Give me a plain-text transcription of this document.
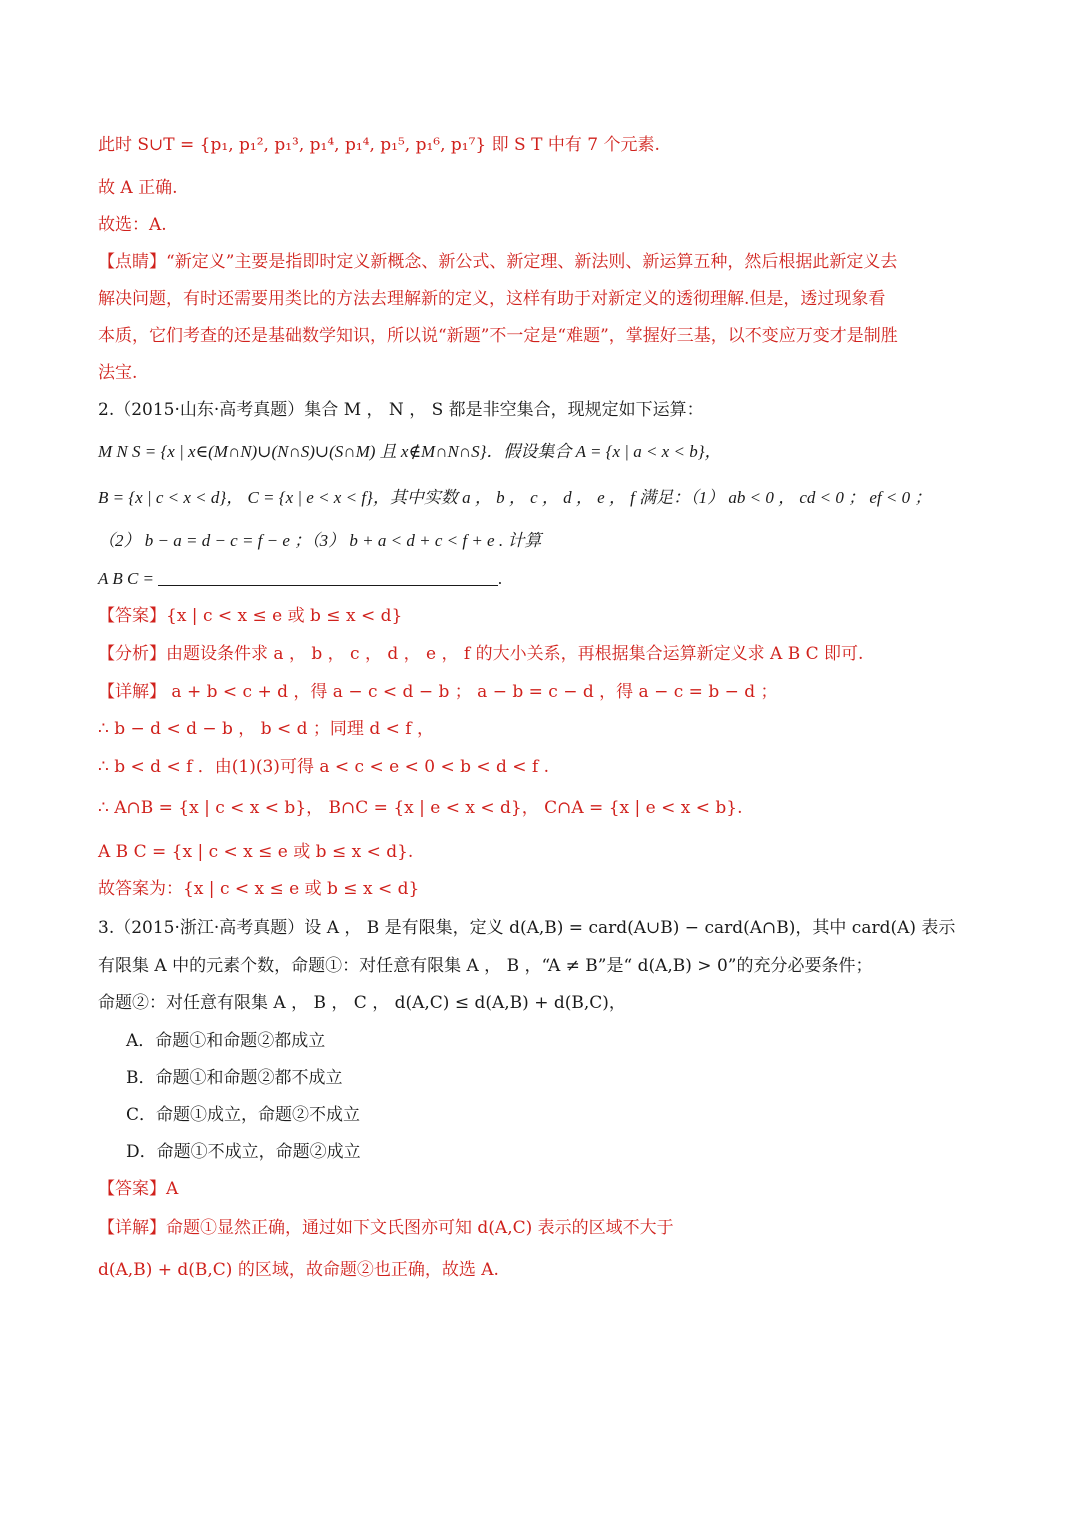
此时 S∪T = {p₁, p₁², p₁³, p₁⁴, p₁⁴, p₁⁵, p₁⁶, p₁⁷} 即 S T 中有 7 个元素.
故 A 正确.
故选：A.
【点睛】“新定义”主要是指即时定义新概念、新公式、新定理、新法则、新运算五种，然后根据此新定义去
解决问题，有时还需要用类比的方法去理解新的定义，这样有助于对新定义的透彻理解.但是，透过现象看
本质，它们考查的还是基础数学知识，所以说“新题”不一定是“难题”，掌握好三基，以不变应万变才是制胜
法宝.
2.（2015·山东·高考真题）集合 M ， N ， S 都是非空集合，现规定如下运算：
M N S = {x | x∈(M∩N)∪(N∩S)∪(S∩M) 且 x∉M∩N∩S}．假设集合 A = {x | a < x < b}，
B = {x | c < x < d}， C = {x | e < x < f}，其中实数 a ， b ， c ， d ， e ， f 满足：（1） ab < 0 ， cd < 0 ； ef < 0 ；
（2） b − a = d − c = f − e ；（3） b + a < d + c < f + e . 计算
A B C =	.
【答案】{x | c < x ≤ e 或 b ≤ x < d}
【分析】由题设条件求 a ， b ， c ， d ， e ， f 的大小关系，再根据集合运算新定义求 A B C 即可.
【详解】 a + b < c + d ，得 a − c < d − b ； a − b = c − d ，得 a − c = b − d ；
∴ b − d < d − b ， b < d ；同理 d < f ，
∴ b < d < f ．由(1)(3)可得 a < c < e < 0 < b < d < f .
∴ A∩B = {x | c < x < b}， B∩C = {x | e < x < d}， C∩A = {x | e < x < b}.
A B C = {x | c < x ≤ e 或 b ≤ x < d}.
故答案为：{x | c < x ≤ e 或 b ≤ x < d}
3.（2015·浙江·高考真题）设 A ， B 是有限集，定义 d(A,B) = card(A∪B) − card(A∩B)，其中 card(A) 表示
有限集 A 中的元素个数，命题①：对任意有限集 A ， B ，“A ≠ B”是“ d(A,B) > 0”的充分必要条件；
命题②：对任意有限集 A ， B ， C ， d(A,C) ≤ d(A,B) + d(B,C)，
A．命题①和命题②都成立
B．命题①和命题②都不成立
C．命题①成立，命题②不成立
D．命题①不成立，命题②成立
【答案】A
【详解】命题①显然正确，通过如下文氏图亦可知 d(A,C) 表示的区域不大于
d(A,B) + d(B,C) 的区域，故命题②也正确，故选 A.
